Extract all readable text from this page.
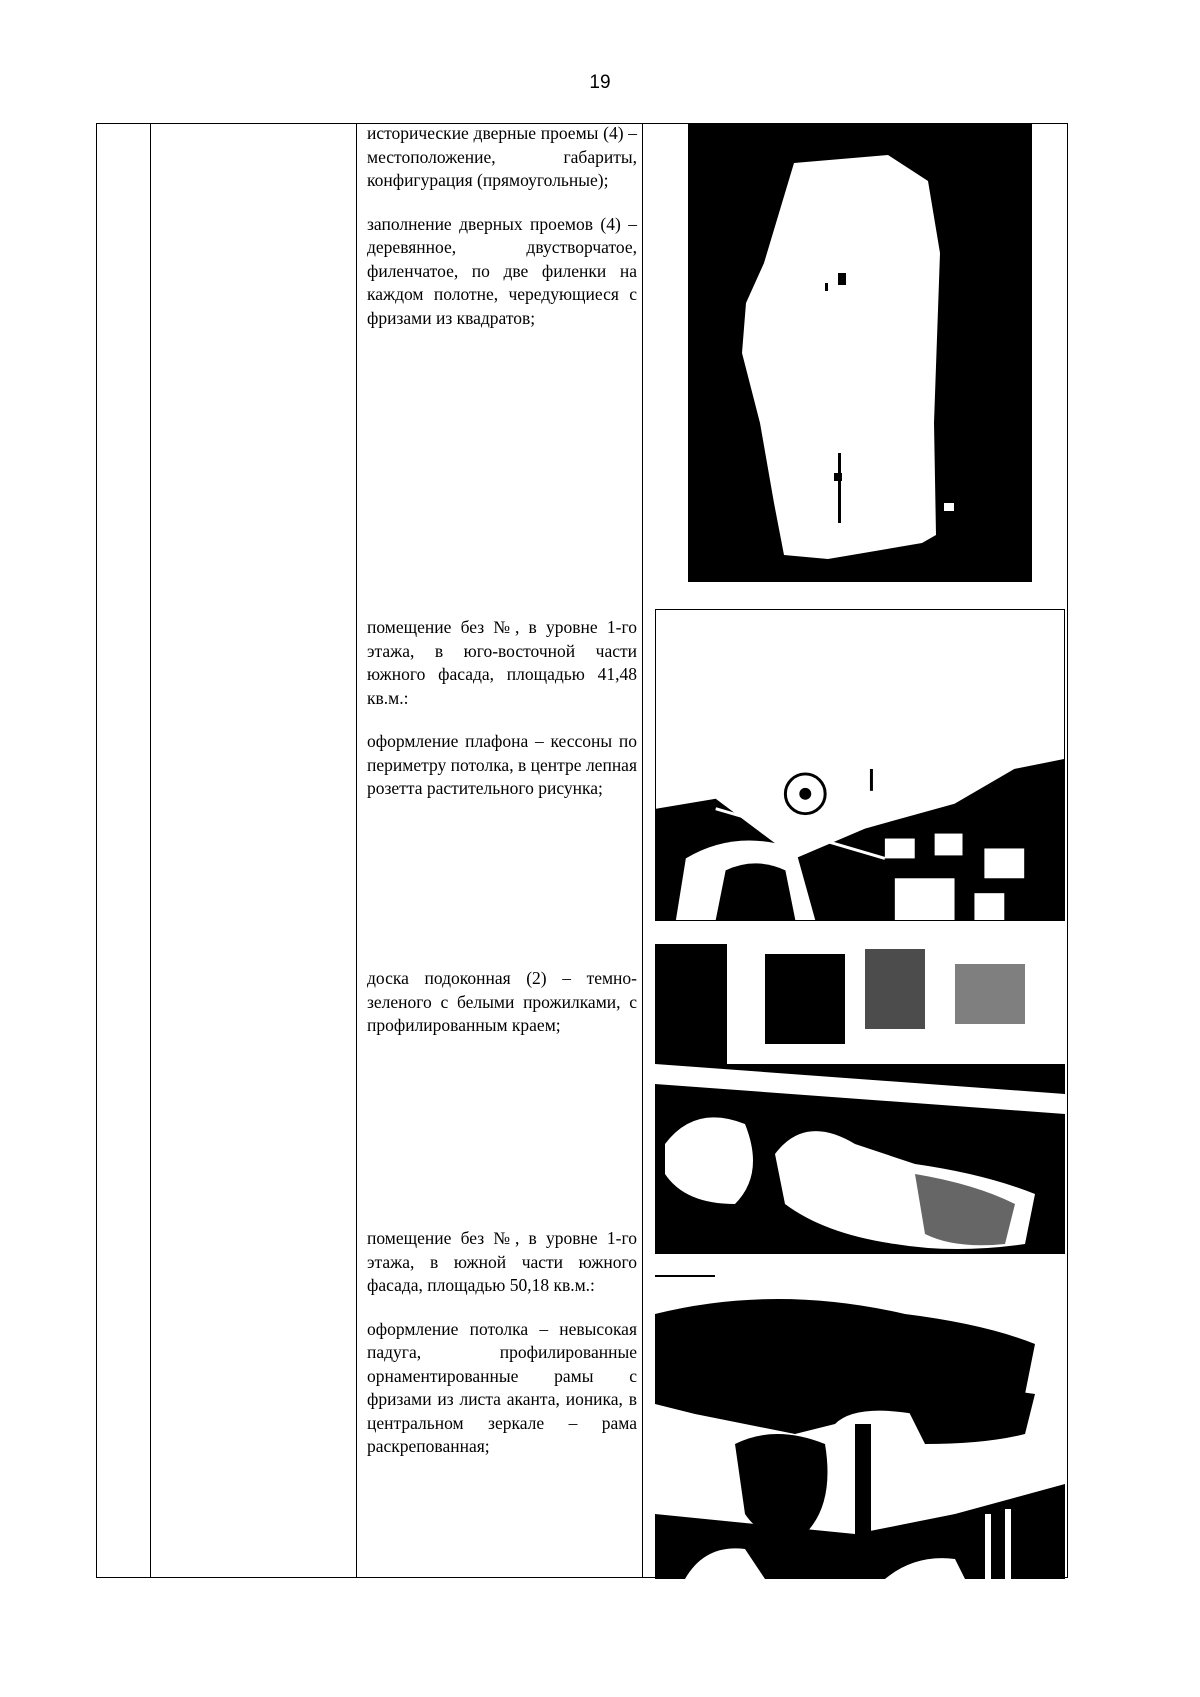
19

исторические дверные проемы (4) – местоположение, габариты, конфигурация (прямоугольные);

заполнение дверных проемов (4) – деревянное, двустворчатое, филенчатое, по две филенки на каждом полотне, чередующиеся с фризами из квадратов;

помещение без №, в уровне 1-го этажа, в юго-восточной части южного фасада, площадью 41,48 кв.м.:

оформление плафона – кессоны по периметру потолка, в центре лепная розетта растительного рисунка;

доска подоконная (2) – темно-зеленого с белыми прожилками, с профилированным краем;

помещение без №, в уровне 1-го этажа, в южной части южного фасада, площадью 50,18 кв.м.:

оформление потолка – невысокая падуга, профилированные орнаментированные рамы с фризами из листа аканта, ионика, в центральном зеркале – рама раскрепованная;
